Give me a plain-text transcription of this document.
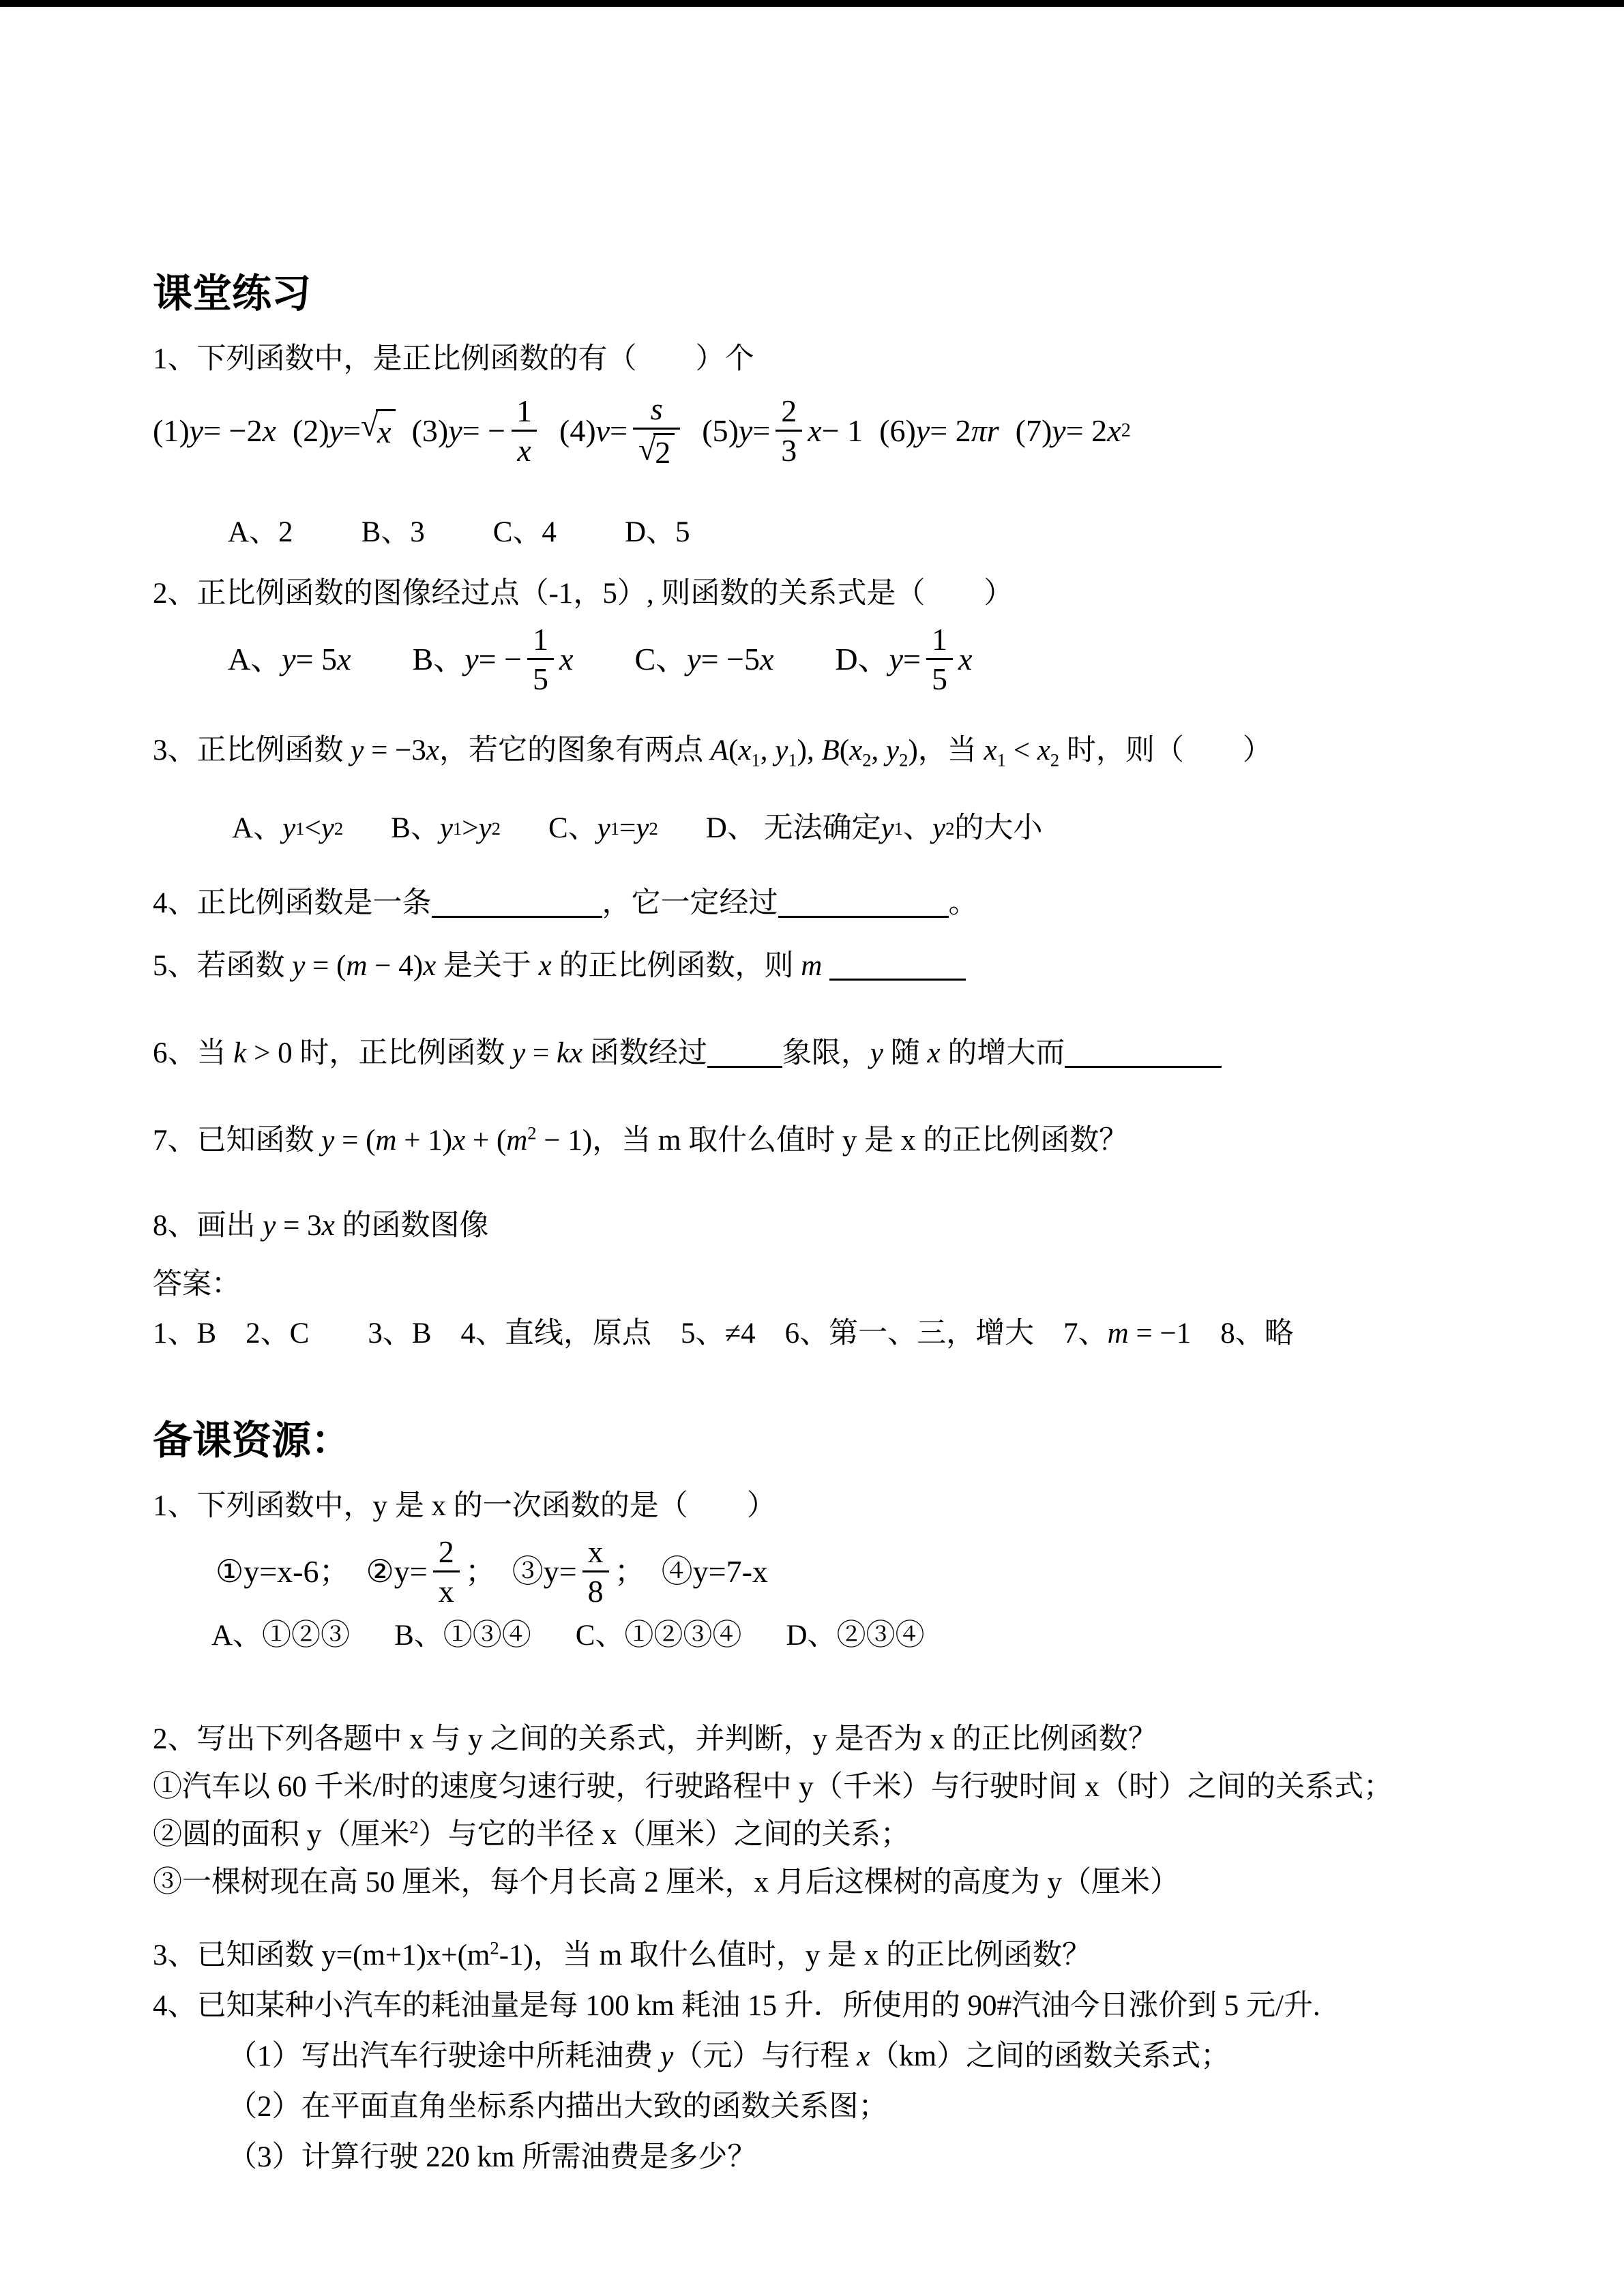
课堂练习
1、下列函数中，是正比例函数的有（　　）个
(1) y = −2 x (2) y = √ x (3) y = − $\frac{1}{x} (4) v = \frac{s}{√ 2} (5) y = \frac{2}{3}$ x − 1 (6) y = 2 πr (7) y = 2 x 2
A、2 B、3 C、4 D、5
2、正比例函数的图像经过点（-1，5）, 则函数的关系式是（　　）
A、 y = 5 x B、 y = − $\frac{1}{5}$ x C、 y = −5 x D、 $y = \frac{1}{5}$ x
3、正比例函数 y = −3x，若它的图象有两点 $A(x_1$, $y_1$), $B(x_2$, $y_2$)，当 $x_1 < x_2$ 时，则（　　）
A、 y 1 < y 2 B、 y 1 > y 2 C、 y 1 = y 2 D、 无法确定 y 1 、 y 2 的大小
4、正比例函数是一条	，它一定经过	。
5、若函数 y = (m − 4)x 是关于 x 的正比例函数，则 m
6、当 k > 0 时，正比例函数 y = kx 函数经过	象限，y 随 x 的增大而
7、已知函数 $y = (m + 1)x + (m^2 - 1)$，当 m 取什么值时 y 是 x 的正比例函数？
8、画出 y = 3x 的函数图像
答案：
1、B　2、C　　3、B　4、直线，原点　5、≠4　6、第一、三，增大　7、m = −1　8、略
备课资源：
1、下列函数中，y 是 x 的一次函数的是（　　）
①y=x-6；　②y= $\frac{2}{x}$ ；　③y= $\frac{x}{8}$ ；　④y=7-x
A、①②③ B、①③④ C、①②③④ D、②③④
2、写出下列各题中 x 与 y 之间的关系式，并判断，y 是否为 x 的正比例函数？
①汽车以 60 千米/时的速度匀速行驶，行驶路程中 y（千米）与行驶时间 x（时）之间的关系式；
②圆的面积 y（厘米$^2$）与它的半径 x（厘米）之间的关系；
③一棵树现在高 50 厘米，每个月长高 2 厘米，x 月后这棵树的高度为 y（厘米）
3、已知函数 $y=(m+1)x+(m^2-1)$，当 m 取什么值时，y 是 x 的正比例函数？
4、已知某种小汽车的耗油量是每 100 km 耗油 15 升．所使用的 90#汽油今日涨价到 5 元/升.
（1）写出汽车行驶途中所耗油费 y（元）与行程 x（km）之间的函数关系式；
（2）在平面直角坐标系内描出大致的函数关系图；
（3）计算行驶 220 km 所需油费是多少？
